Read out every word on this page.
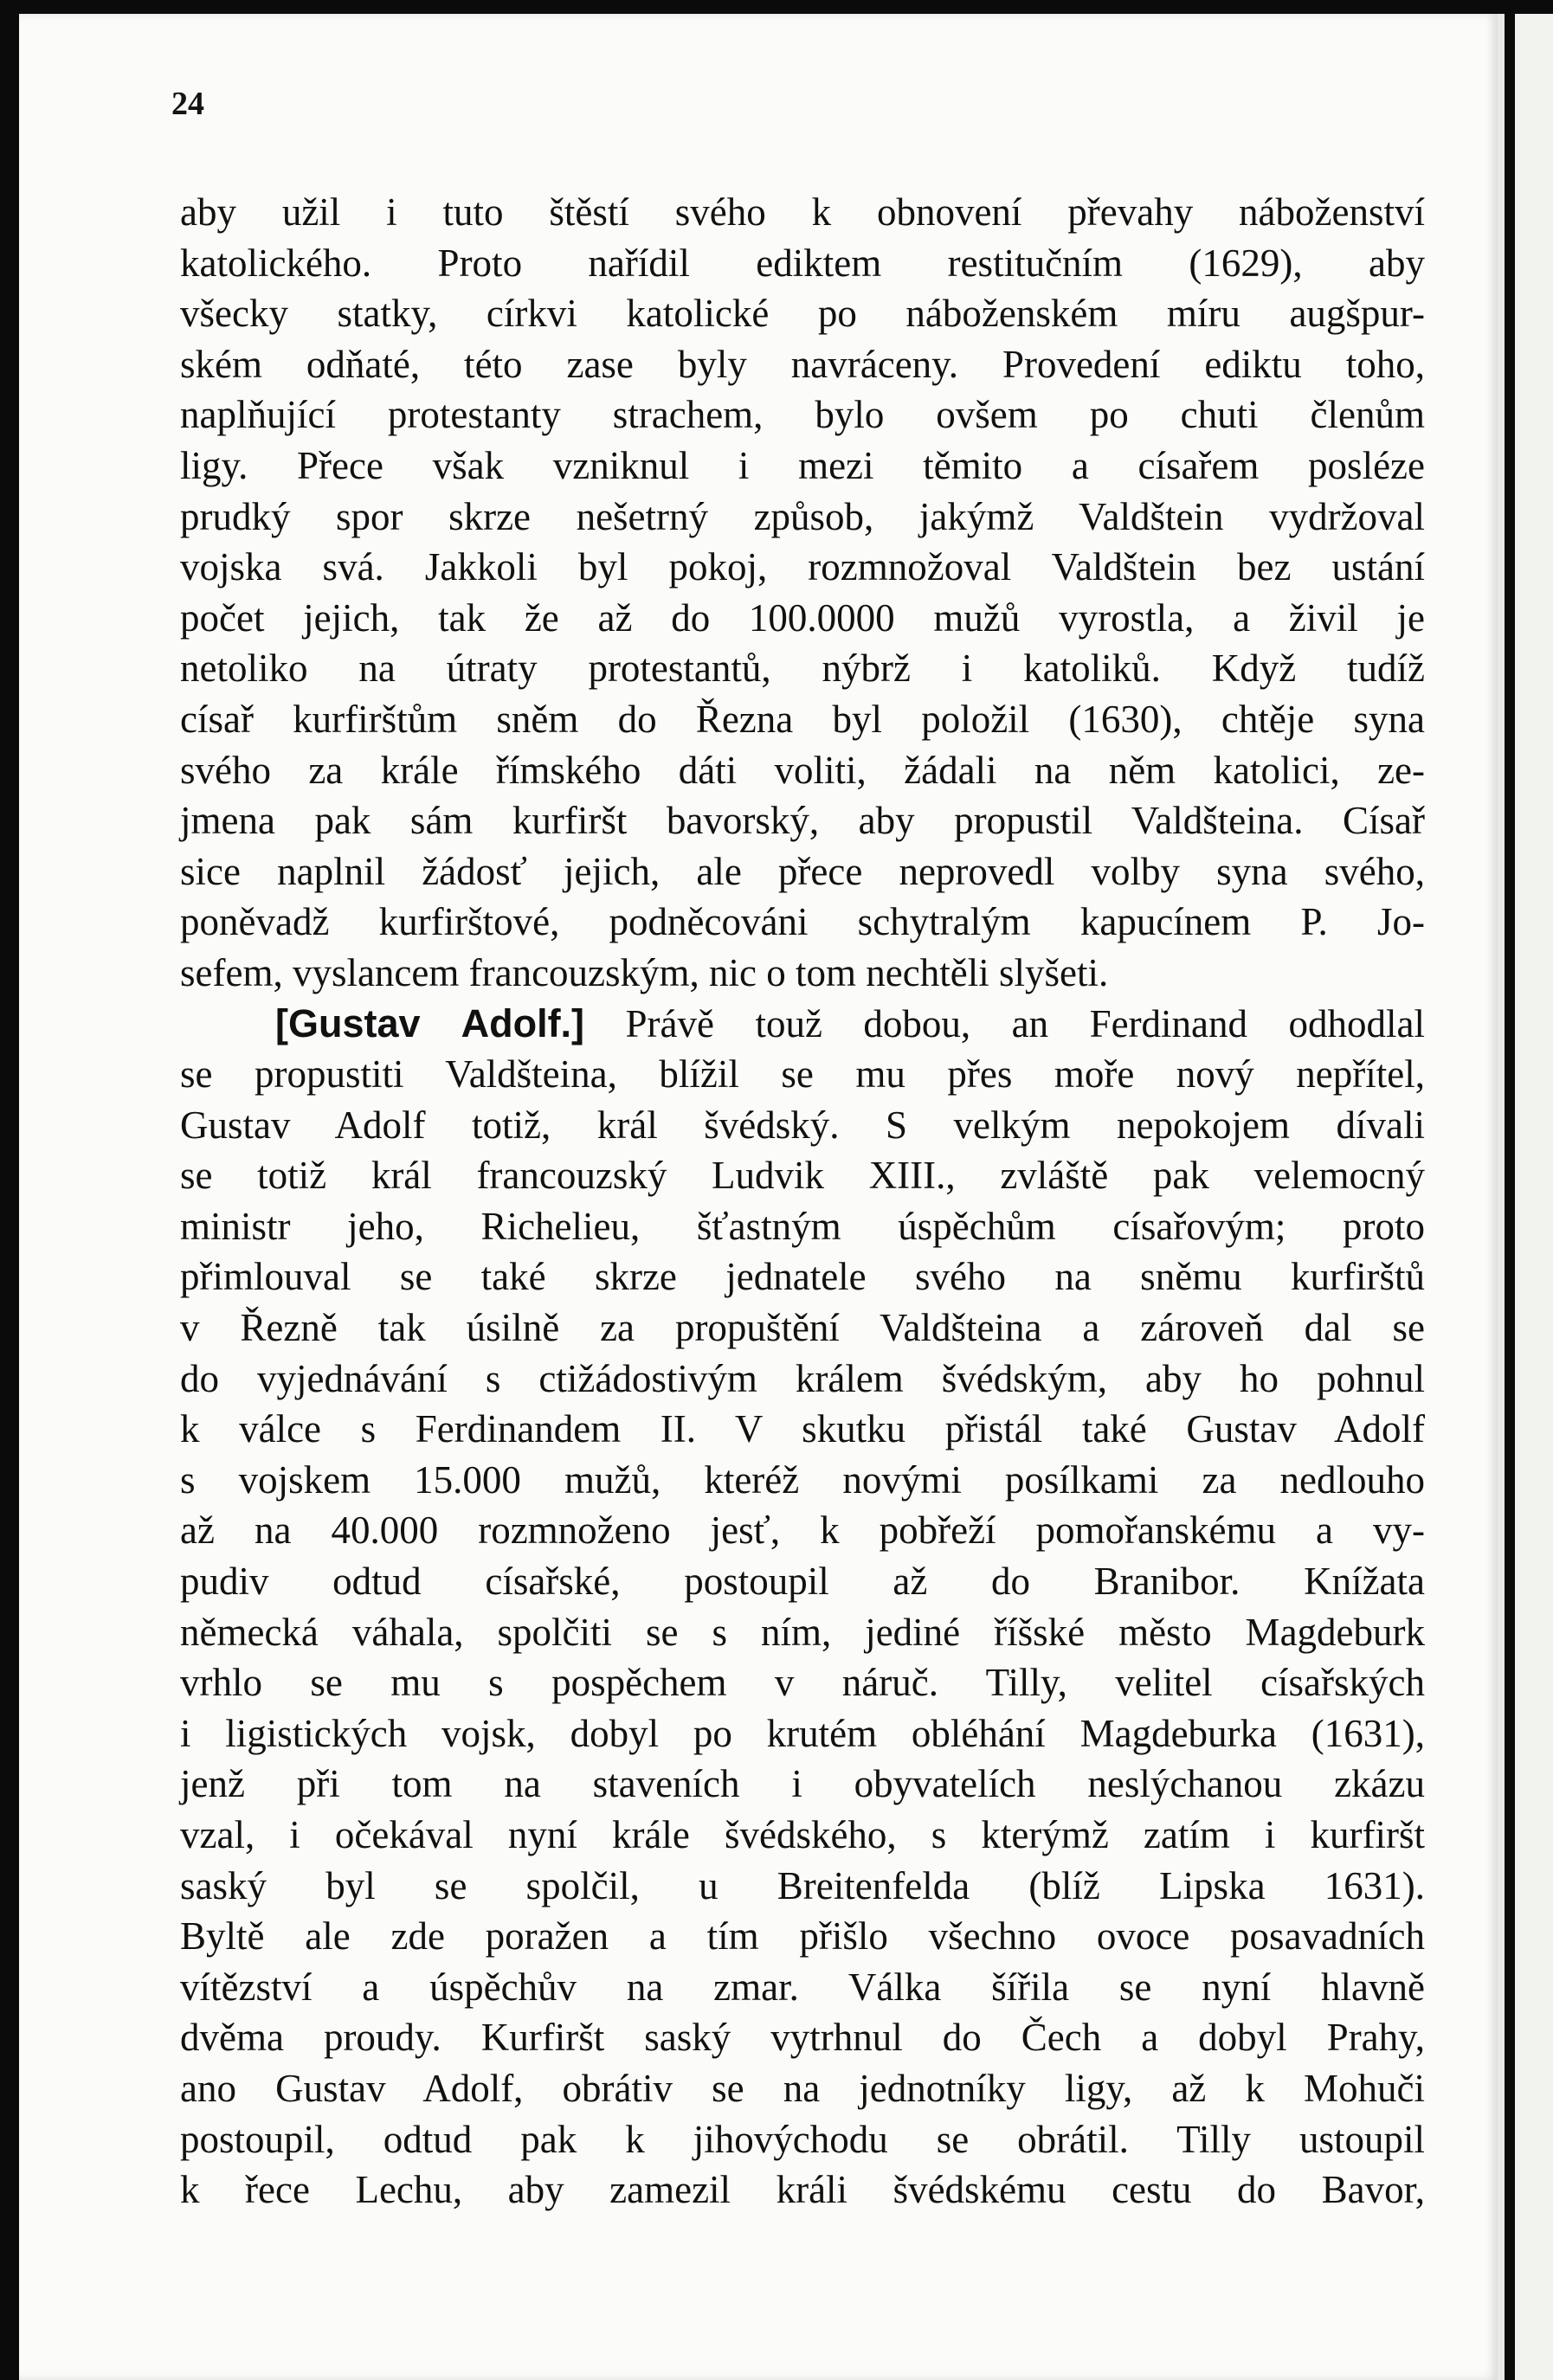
24
aby užil i tuto štěstí svého k obnovení převahy náboženství
katolického. Proto nařídil ediktem restitučním (1629), aby
všecky statky, církvi katolické po náboženském míru augšpur-
ském odňaté, této zase byly navráceny. Provedení ediktu toho,
naplňující protestanty strachem, bylo ovšem po chuti členům
ligy. Přece však vzniknul i mezi těmito a císařem posléze
prudký spor skrze nešetrný způsob, jakýmž Valdštein vydržoval
vojska svá. Jakkoli byl pokoj, rozmnožoval Valdštein bez ustání
počet jejich, tak že až do 100.0000 mužů vyrostla, a živil je
netoliko na útraty protestantů, nýbrž i katoliků. Když tudíž
císař kurfirštům sněm do Řezna byl položil (1630), chtěje syna
svého za krále římského dáti voliti, žádali na něm katolici, ze-
jmena pak sám kurfiršt bavorský, aby propustil Valdšteina. Císař
sice naplnil žádosť jejich, ale přece neprovedl volby syna svého,
poněvadž kurfirštové, podněcováni schytralým kapucínem P. Jo-
sefem, vyslancem francouzským, nic o tom nechtěli slyšeti.
[Gustav Adolf.] Právě touž dobou, an Ferdinand odhodlal
se propustiti Valdšteina, blížil se mu přes moře nový nepřítel,
Gustav Adolf totiž, král švédský. S velkým nepokojem dívali
se totiž král francouzský Ludvik XIII., zvláště pak velemocný
ministr jeho, Richelieu, šťastným úspěchům císařovým; proto
přimlouval se také skrze jednatele svého na sněmu kurfirštů
v Řezně tak úsilně za propuštění Valdšteina a zároveň dal se
do vyjednávání s ctižádostivým králem švédským, aby ho pohnul
k válce s Ferdinandem II. V skutku přistál také Gustav Adolf
s vojskem 15.000 mužů, kteréž novými posílkami za nedlouho
až na 40.000 rozmnoženo jesť, k pobřeží pomořanskému a vy-
pudiv odtud císařské, postoupil až do Branibor. Knížata
německá váhala, spolčiti se s ním, jediné říšské město Magdeburk
vrhlo se mu s pospěchem v náruč. Tilly, velitel císařských
i ligistických vojsk, dobyl po krutém obléhání Magdeburka (1631),
jenž při tom na staveních i obyvatelích neslýchanou zkázu
vzal, i očekával nyní krále švédského, s kterýmž zatím i kurfiršt
saský byl se spolčil, u Breitenfelda (blíž Lipska 1631).
Byltě ale zde poražen a tím přišlo všechno ovoce posavadních
vítězství a úspěchův na zmar. Válka šířila se nyní hlavně
dvěma proudy. Kurfiršt saský vytrhnul do Čech a dobyl Prahy,
ano Gustav Adolf, obrátiv se na jednotníky ligy, až k Mohuči
postoupil, odtud pak k jihovýchodu se obrátil. Tilly ustoupil
k řece Lechu, aby zamezil králi švédskému cestu do Bavor,
